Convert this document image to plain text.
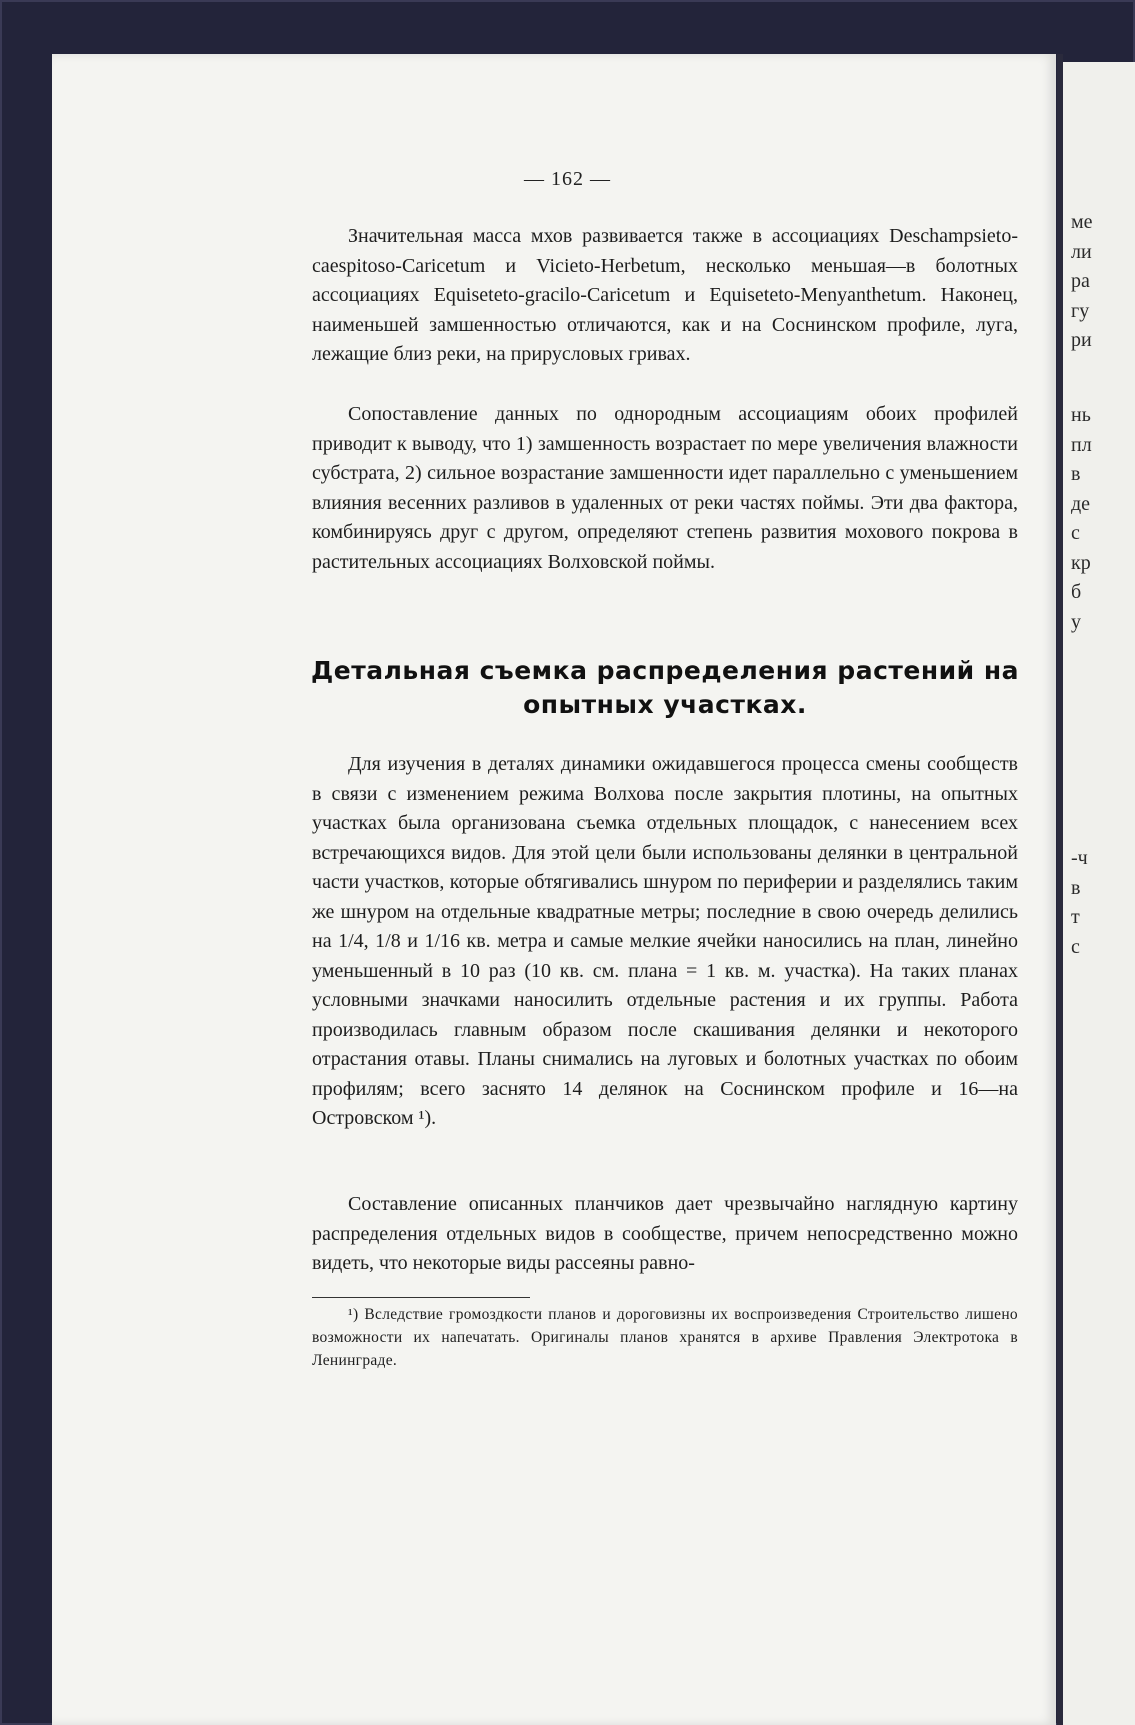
ме
ли
ра
гу
ри
нь
пл
в
де
с
кр
б
у
-ч
в
т
с
— 162 —

Значительная масса мхов развивается также в ассоциациях Deschampsieto-caespitoso-Caricetum и Vicieto-Herbetum, несколько меньшая—в болотных ассоциациях Equiseteto-gracilo-Caricetum и Equiseteto-Menyanthetum. Наконец, наименьшей замшенностью отличаются, как и на Соснинском профиле, луга, лежащие близ реки, на прирусловых гривах.

Сопоставление данных по однородным ассоциациям обоих профилей приводит к выводу, что 1) замшенность возрастает по мере увеличения влажности субстрата, 2) сильное возрастание замшенности идет параллельно с уменьшением влияния весенних разливов в удаленных от реки частях поймы. Эти два фактора, комбинируясь друг с другом, определяют степень развития мохового покрова в растительных ассоциациях Волховской поймы.

Детальная съемка распределения растений на опытных участках.

Для изучения в деталях динамики ожидавшегося процесса смены сообществ в связи с изменением режима Волхова после закрытия плотины, на опытных участках была организована съемка отдельных площадок, с нанесением всех встречающихся видов. Для этой цели были использованы делянки в центральной части участков, которые обтягивались шнуром по периферии и разделялись таким же шнуром на отдельные квадратные метры; последние в свою очередь делились на 1/4, 1/8 и 1/16 кв. метра и самые мелкие ячейки наносились на план, линейно уменьшенный в 10 раз (10 кв. см. плана = 1 кв. м. участка). На таких планах условными значками наносилить отдельные растения и их группы. Работа производилась главным образом после скашивания делянки и некоторого отрастания отавы. Планы снимались на луговых и болотных участках по обоим профилям; всего заснято 14 делянок на Соснинском профиле и 16—на Островском ¹).

Составление описанных планчиков дает чрезвычайно наглядную картину распределения отдельных видов в сообществе, причем непосредственно можно видеть, что некоторые виды рассеяны равно-

¹) Вследствие громоздкости планов и дороговизны их воспроизведения Строительство лишено возможности их напечатать. Оригиналы планов хранятся в архиве Правления Электротока в Ленинграде.
